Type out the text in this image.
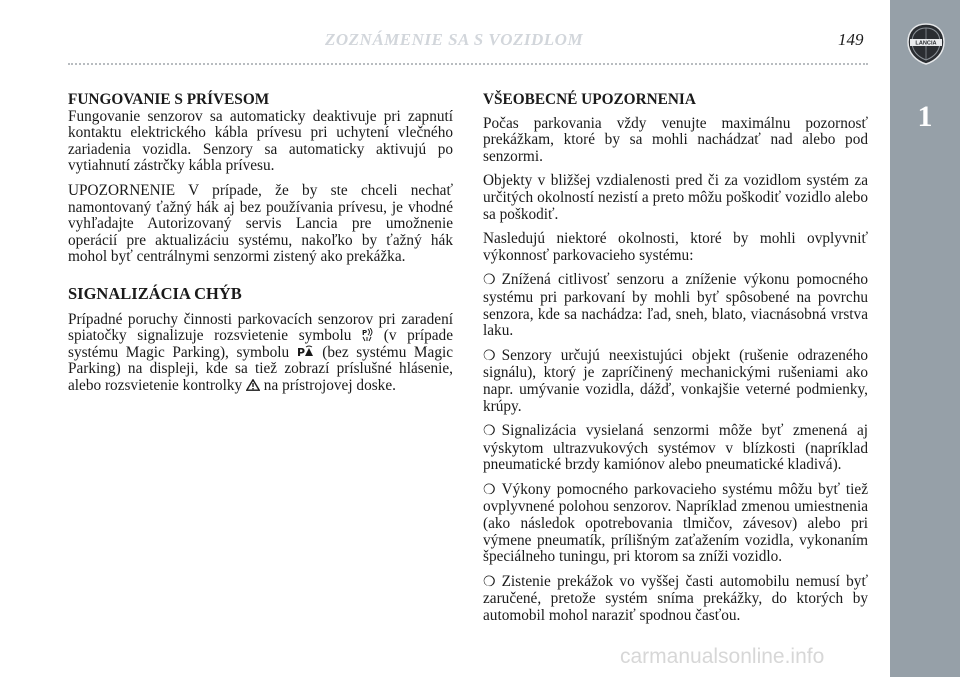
ZOZNÁMENIE SA S VOZIDLOM	149	LANCIA
1
FUNGOVANIE S PRÍVESOM

Fungovanie senzorov sa automaticky deaktivuje pri zapnutí kontaktu elektrického kábla prívesu pri uchytení vlečného zariadenia vozidla. Senzory sa automaticky aktivujú po vytiahnutí zástrčky kábla prívesu.

UPOZORNENIE V prípade, že by ste chceli nechať namontovaný ťažný hák aj bez používania prívesu, je vhodné vyhľadajte Autorizovaný servis Lancia pre umožnenie operácií pre aktualizáciu systému, nakoľko by ťažný hák mohol byť centrálnymi senzormi zistený ako prekážka.

SIGNALIZÁCIA CHÝB

Prípadné poruchy činnosti parkovacích senzorov pri zaradení spiatočky signalizuje rozsvietenie symbolu P (v prípade systému Magic Parking), symbolu P (bez systému Magic Parking) na displeji, kde sa tiež zobrazí príslušné hlásenie, alebo rozsvietenie kontrolky  na prístrojovej doske.

VŠEOBECNÉ UPOZORNENIA

Počas parkovania vždy venujte maximálnu pozornosť prekážkam, ktoré by sa mohli nachádzať nad alebo pod senzormi.

Objekty v bližšej vzdialenosti pred či za vozidlom systém za určitých okolností nezistí a preto môžu poškodiť vozidlo alebo sa poškodiť.

Nasledujú niektoré okolnosti, ktoré by mohli ovplyvniť výkonnosť parkovacieho systému:

❍ Znížená citlivosť senzoru a zníženie výkonu pomocného systému pri parkovaní by mohli byť spôsobené na povrchu senzora, kde sa nachádza: ľad, sneh, blato, viacnásobná vrstva laku.

❍ Senzory určujú neexistujúci objekt (rušenie odrazeného signálu), ktorý je zapríčinený mechanickými rušeniami ako napr. umývanie vozidla, dážď, vonkajšie veterné podmienky, krúpy.

❍ Signalizácia vysielaná senzormi môže byť zmenená aj výskytom ultrazvukových systémov v blízkosti (napríklad pneumatické brzdy kamiónov alebo pneumatické kladivá).

❍ Výkony pomocného parkovacieho systému môžu byť tiež ovplyvnené polohou senzorov. Napríklad zmenou umiestnenia (ako následok opotrebovania tlmičov, závesov) alebo pri výmene pneumatík, prílišným zaťažením vozidla, vykonaním špeciálneho tuningu, pri ktorom sa zníži vozidlo.

❍ Zistenie prekážok vo vyššej časti automobilu nemusí byť zaručené, pretože systém sníma prekážky, do ktorých by automobil mohol naraziť spodnou časťou.

carmanualsonline.info
